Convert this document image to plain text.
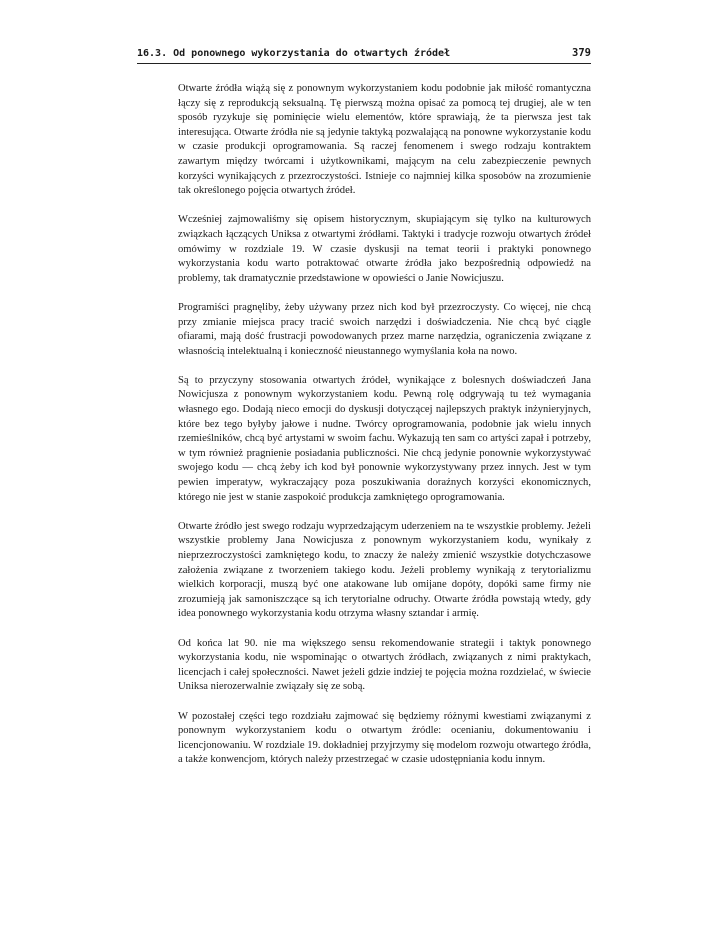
16.3. Od ponownego wykorzystania do otwartych źródeł	379

Otwarte źródła wiążą się z ponownym wykorzystaniem kodu podobnie jak miłość romantyczna łączy się z reprodukcją seksualną. Tę pierwszą można opisać za pomocą tej drugiej, ale w ten sposób ryzykuje się pominięcie wielu elementów, które sprawiają, że ta pierwsza jest tak interesująca. Otwarte źródła nie są jedynie taktyką pozwalającą na ponowne wykorzystanie kodu w czasie produkcji oprogramowania. Są raczej fenomenem i swego rodzaju kontraktem zawartym między twórcami i użytkownikami, mającym na celu zabezpieczenie pewnych korzyści wynikających z przezroczystości. Istnieje co najmniej kilka sposobów na zrozumienie tak określonego pojęcia otwartych źródeł.

Wcześniej zajmowaliśmy się opisem historycznym, skupiającym się tylko na kulturowych związkach łączących Uniksa z otwartymi źródłami. Taktyki i tradycje rozwoju otwartych źródeł omówimy w rozdziale 19. W czasie dyskusji na temat teorii i praktyki ponownego wykorzystania kodu warto potraktować otwarte źródła jako bezpośrednią odpowiedź na problemy, tak dramatycznie przedstawione w opowieści o Janie Nowicjuszu.

Programiści pragnęliby, żeby używany przez nich kod był przezroczysty. Co więcej, nie chcą przy zmianie miejsca pracy tracić swoich narzędzi i doświadczenia. Nie chcą być ciągle ofiarami, mają dość frustracji powodowanych przez marne narzędzia, ograniczenia związane z własnością intelektualną i konieczność nieustannego wymyślania koła na nowo.

Są to przyczyny stosowania otwartych źródeł, wynikające z bolesnych doświadczeń Jana Nowicjusza z ponownym wykorzystaniem kodu. Pewną rolę odgrywają tu też wymagania własnego ego. Dodają nieco emocji do dyskusji dotyczącej najlepszych praktyk inżynieryjnych, które bez tego byłyby jałowe i nudne. Twórcy oprogramowania, podobnie jak wielu innych rzemieślników, chcą być artystami w swoim fachu. Wykazują ten sam co artyści zapał i potrzeby, w tym również pragnienie posiadania publiczności. Nie chcą jedynie ponownie wykorzystywać swojego kodu — chcą żeby ich kod był ponownie wykorzystywany przez innych. Jest w tym pewien imperatyw, wykraczający poza poszukiwania doraźnych korzyści ekonomicznych, którego nie jest w stanie zaspokoić produkcja zamkniętego oprogramowania.

Otwarte źródło jest swego rodzaju wyprzedzającym uderzeniem na te wszystkie problemy. Jeżeli wszystkie problemy Jana Nowicjusza z ponownym wykorzystaniem kodu, wynikały z nieprzezroczystości zamkniętego kodu, to znaczy że należy zmienić wszystkie dotychczasowe założenia związane z tworzeniem takiego kodu. Jeżeli problemy wynikają z terytorializmu wielkich korporacji, muszą być one atakowane lub omijane dopóty, dopóki same firmy nie zrozumieją jak samoniszczące są ich terytorialne odruchy. Otwarte źródła powstają wtedy, gdy idea ponownego wykorzystania kodu otrzyma własny sztandar i armię.

Od końca lat 90. nie ma większego sensu rekomendowanie strategii i taktyk ponownego wykorzystania kodu, nie wspominając o otwartych źródłach, związanych z nimi praktykach, licencjach i całej społeczności. Nawet jeżeli gdzie indziej te pojęcia można rozdzielać, w świecie Uniksa nierozerwalnie związały się ze sobą.

W pozostałej części tego rozdziału zajmować się będziemy różnymi kwestiami związanymi z ponownym wykorzystaniem kodu o otwartym źródle: ocenianiu, dokumentowaniu i licencjonowaniu. W rozdziale 19. dokładniej przyjrzymy się modelom rozwoju otwartego źródła, a także konwencjom, których należy przestrzegać w czasie udostępniania kodu innym.
